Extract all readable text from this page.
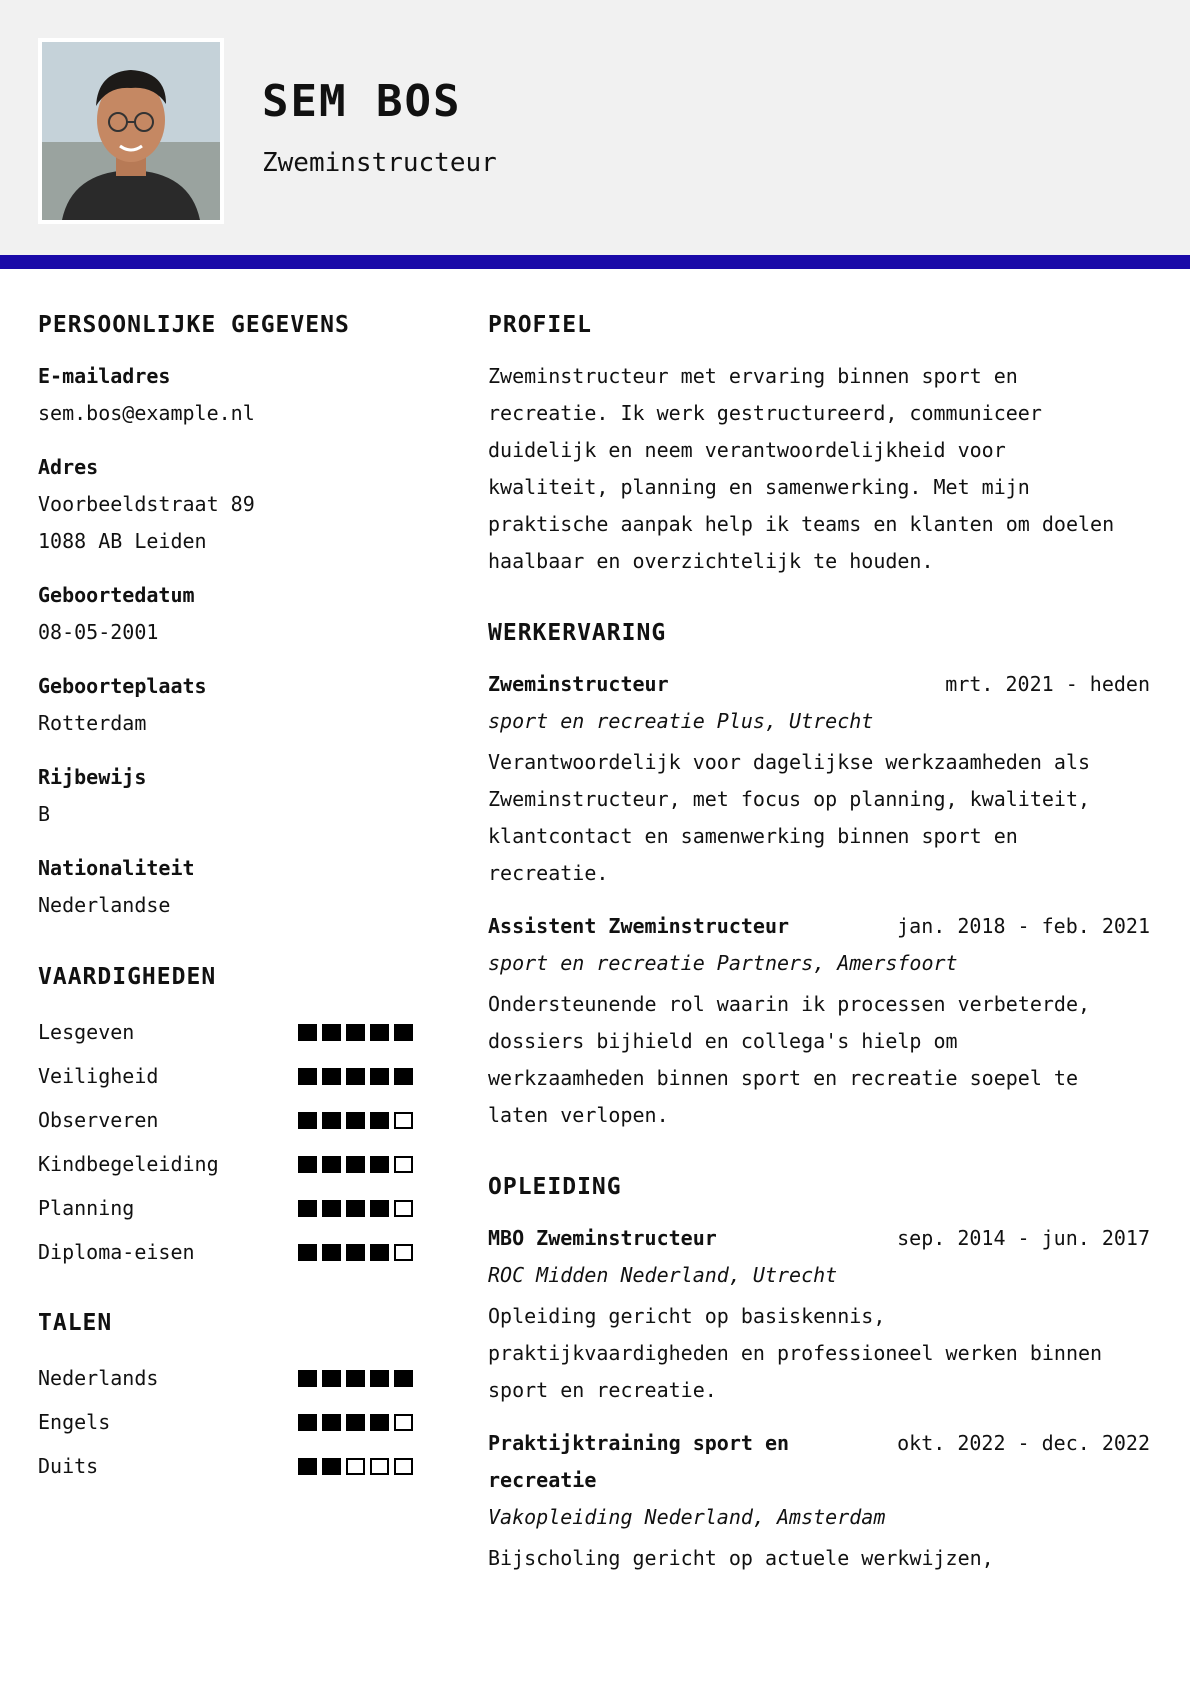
SEM BOS
Zweminstructeur
PERSOONLIJKE GEGEVENS
E-mailadres
sem.bos@example.nl
Adres
Voorbeeldstraat 89
1088 AB Leiden
Geboortedatum
08-05-2001
Geboorteplaats
Rotterdam
Rijbewijs
B
Nationaliteit
Nederlandse
VAARDIGHEDEN
Lesgeven
Veiligheid
Observeren
Kindbegeleiding
Planning
Diploma-eisen
TALEN
Nederlands
Engels
Duits
PROFIEL
Zweminstructeur met ervaring binnen sport en
recreatie. Ik werk gestructureerd, communiceer
duidelijk en neem verantwoordelijkheid voor
kwaliteit, planning en samenwerking. Met mijn
praktische aanpak help ik teams en klanten om doelen
haalbaar en overzichtelijk te houden.
WERKERVARING
Zweminstructeur	mrt. 2021 - heden
sport en recreatie Plus, Utrecht
Verantwoordelijk voor dagelijkse werkzaamheden als
Zweminstructeur, met focus op planning, kwaliteit,
klantcontact en samenwerking binnen sport en
recreatie.
Assistent Zweminstructeur	jan. 2018 - feb. 2021
sport en recreatie Partners, Amersfoort
Ondersteunende rol waarin ik processen verbeterde,
dossiers bijhield en collega's hielp om
werkzaamheden binnen sport en recreatie soepel te
laten verlopen.
OPLEIDING
MBO Zweminstructeur	sep. 2014 - jun. 2017
ROC Midden Nederland, Utrecht
Opleiding gericht op basiskennis,
praktijkvaardigheden en professioneel werken binnen
sport en recreatie.
Praktijktraining sport en recreatie
okt. 2022 - dec. 2022
Vakopleiding Nederland, Amsterdam
Bijscholing gericht op actuele werkwijzen,
